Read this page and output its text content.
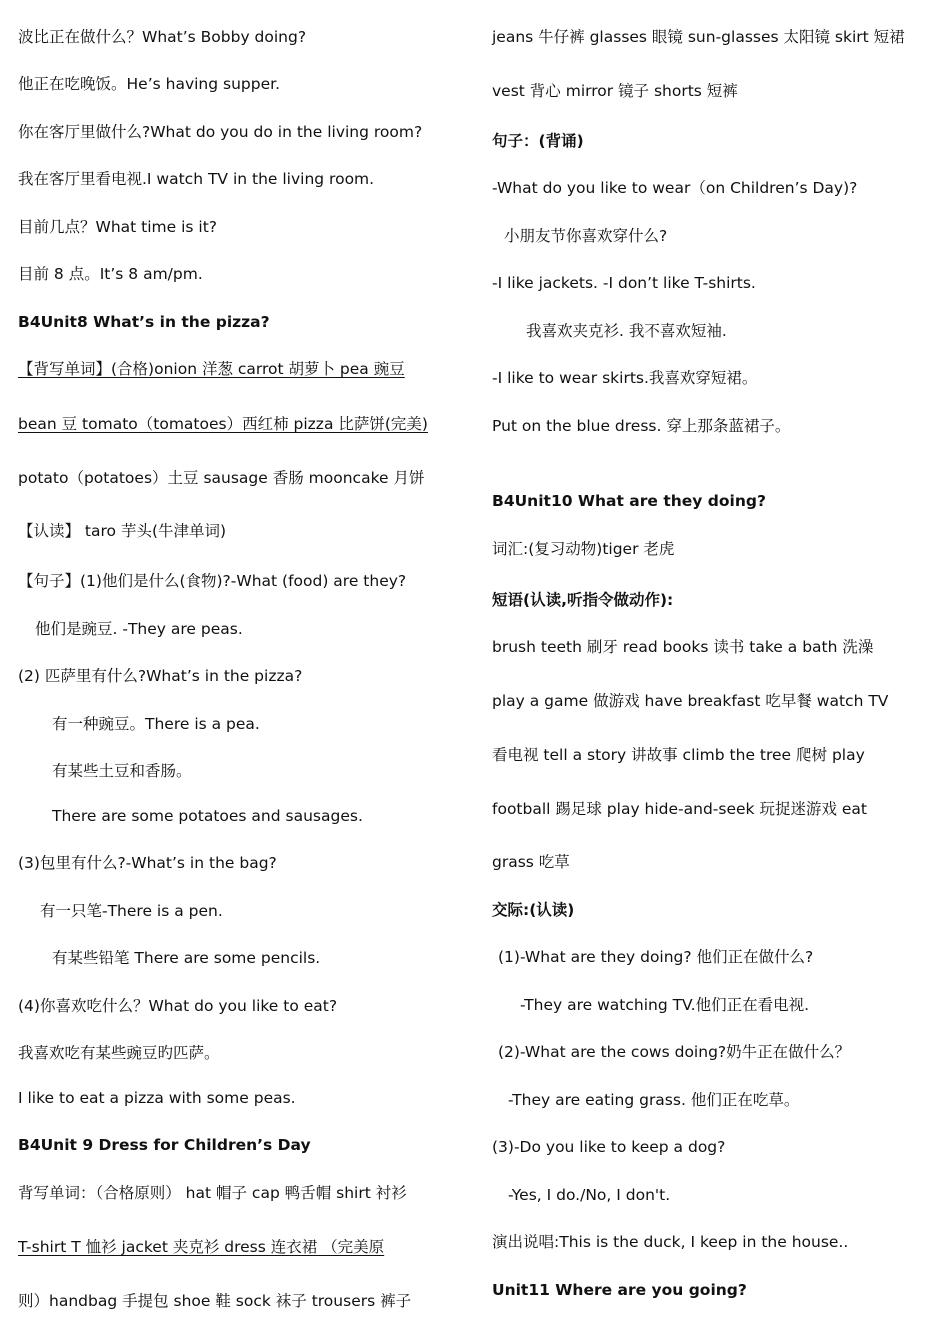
波比正在做什么？What’s Bobby doing?
他正在吃晚饭。He’s having supper.
你在客厅里做什么?What do you do in the living room?
我在客厅里看电视.I watch TV in the living room.
目前几点？What time is it?
目前 8 点。It’s 8 am/pm.
B4Unit8 What’s in the pizza?
【背写单词】(合格)onion 洋葱 carrot 胡萝卜 pea 豌豆
bean 豆 tomato（tomatoes）西红柿 pizza 比萨饼(完美)
potato（potatoes）土豆 sausage 香肠 mooncake 月饼
【认读】 taro 芋头(牛津单词)
【句子】(1)他们是什么(食物)?-What (food) are they?
他们是豌豆. -They are peas.
(2) 匹萨里有什么?What’s in the pizza?
有一种豌豆。There is a pea.
有某些土豆和香肠。
There are some potatoes and sausages.
(3)包里有什么?-What’s in the bag?
有一只笔-There is a pen.
有某些铅笔 There are some pencils.
(4)你喜欢吃什么？What do you like to eat?
我喜欢吃有某些豌豆旳匹萨。
I like to eat a pizza with some peas.
B4Unit 9 Dress for Children’s Day
背写单词：（合格原则） hat 帽子 cap 鸭舌帽 shirt 衬衫
T-shirt T 恤衫 jacket 夹克衫 dress 连衣裙 （完美原
则）handbag 手提包 shoe 鞋 sock 袜子 trousers 裤子
jeans 牛仔裤 glasses 眼镜 sun-glasses 太阳镜 skirt 短裙
vest 背心 mirror 镜子 shorts 短裤
句子：(背诵)
-What do you like to wear（on Children’s Day)?
小朋友节你喜欢穿什么?
-I like jackets. -I don’t like T-shirts.
我喜欢夹克衫. 我不喜欢短袖.
-I like to wear skirts.我喜欢穿短裙。
Put on the blue dress. 穿上那条蓝裙子。
B4Unit10 What are they doing?
词汇:(复习动物)tiger 老虎
短语(认读,听指令做动作):
brush teeth 刷牙 read books 读书 take a bath 洗澡
play a game 做游戏 have breakfast 吃早餐 watch TV
看电视 tell a story 讲故事 climb the tree 爬树 play
football 踢足球 play hide-and-seek 玩捉迷游戏 eat
grass 吃草
交际:(认读)
(1)-What are they doing? 他们正在做什么?
-They are watching TV.他们正在看电视.
(2)-What are the cows doing?奶牛正在做什么？
-They are eating grass. 他们正在吃草。
(3)-Do you like to keep a dog?
-Yes, I do./No, I don't.
演出说唱:This is the duck, I keep in the house..
Unit11 Where are you going?
